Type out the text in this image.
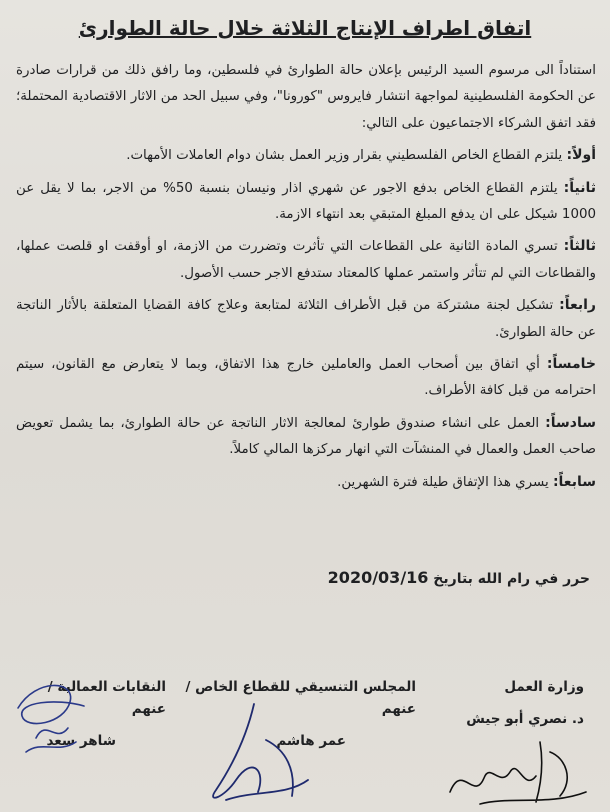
اتفاق اطراف الإنتاج الثلاثة خلال حالة الطوارئ

استناداً الى مرسوم السيد الرئيس بإعلان حالة الطوارئ في فلسطين، وما رافق ذلك من قرارات صادرة عن الحكومة الفلسطينية لمواجهة انتشار فايروس "كورونا"، وفي سبيل الحد من الاثار الاقتصادية المحتملة؛ فقد اتفق الشركاء الاجتماعيون على التالي:

أولاً: يلتزم القطاع الخاص الفلسطيني بقرار وزير العمل بشان دوام العاملات الأمهات.

ثانياً: يلتزم القطاع الخاص بدفع الاجور عن شهري اذار ونيسان بنسبة 50% من الاجر، بما لا يقل عن 1000 شيكل على ان يدفع المبلغ المتبقي بعد انتهاء الازمة.

ثالثاً: تسري المادة الثانية على القطاعات التي تأثرت وتضررت من الازمة، او أوقفت او قلصت عملها، والقطاعات التي لم تتأثر واستمر عملها كالمعتاد ستدفع الاجر حسب الأصول.

رابعاً: تشكيل لجنة مشتركة من قبل الأطراف الثلاثة لمتابعة وعلاج كافة القضايا المتعلقة بالأثار الناتجة عن حالة الطوارئ.

خامساً: أي اتفاق بين أصحاب العمل والعاملين خارج هذا الاتفاق، وبما لا يتعارض مع القانون، سيتم احترامه من قبل كافة الأطراف.

سادساً: العمل على انشاء صندوق طوارئ لمعالجة الاثار الناتجة عن حالة الطوارئ، بما يشمل تعويض صاحب العمل والعمال في المنشآت التي انهار مركزها المالي كاملاً.

سابعاً: يسري هذا الإتفاق طيلة فترة الشهرين.

حرر في رام الله بتاريخ 2020/03/16
وزارة العمل
د. نصري أبو جيش
المجلس التنسيقي للقطاع الخاص / عنهم
عمر هاشم
النقابات العمالية / عنهم
شاهر سعد
